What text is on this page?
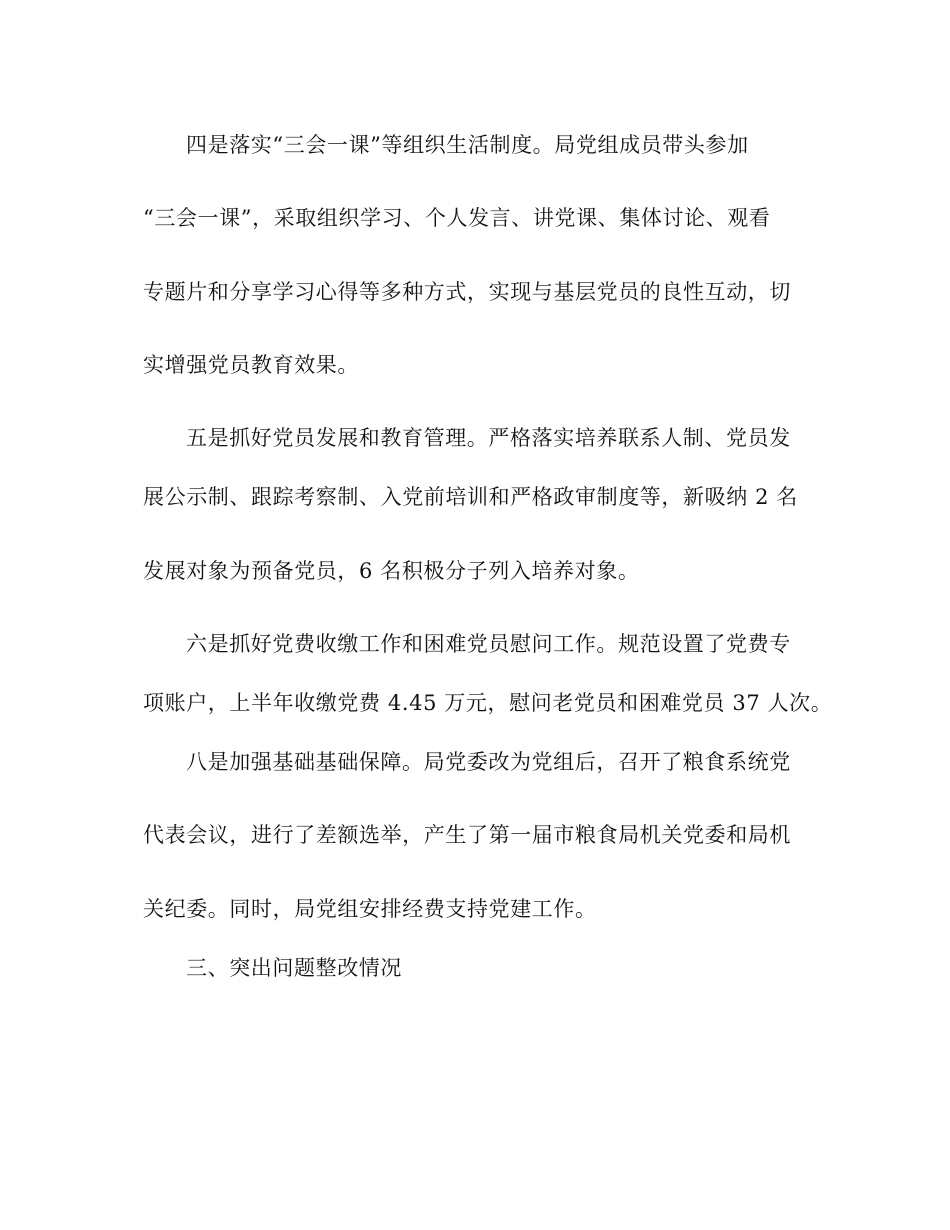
四是落实“三会一课”等组织生活制度。局党组成员带头参加
“三会一课”，采取组织学习、个人发言、讲党课、集体讨论、观看
专题片和分享学习心得等多种方式，实现与基层党员的良性互动，切
实增强党员教育效果。
五是抓好党员发展和教育管理。严格落实培养联系人制、党员发
展公示制、跟踪考察制、入党前培训和严格政审制度等，新吸纳 2 名
发展对象为预备党员，6 名积极分子列入培养对象。
六是抓好党费收缴工作和困难党员慰问工作。规范设置了党费专
项账户，上半年收缴党费 4.45 万元，慰问老党员和困难党员 37 人次。
八是加强基础基础保障。局党委改为党组后，召开了粮食系统党
代表会议，进行了差额选举，产生了第一届市粮食局机关党委和局机
关纪委。同时，局党组安排经费支持党建工作。
三、突出问题整改情况
